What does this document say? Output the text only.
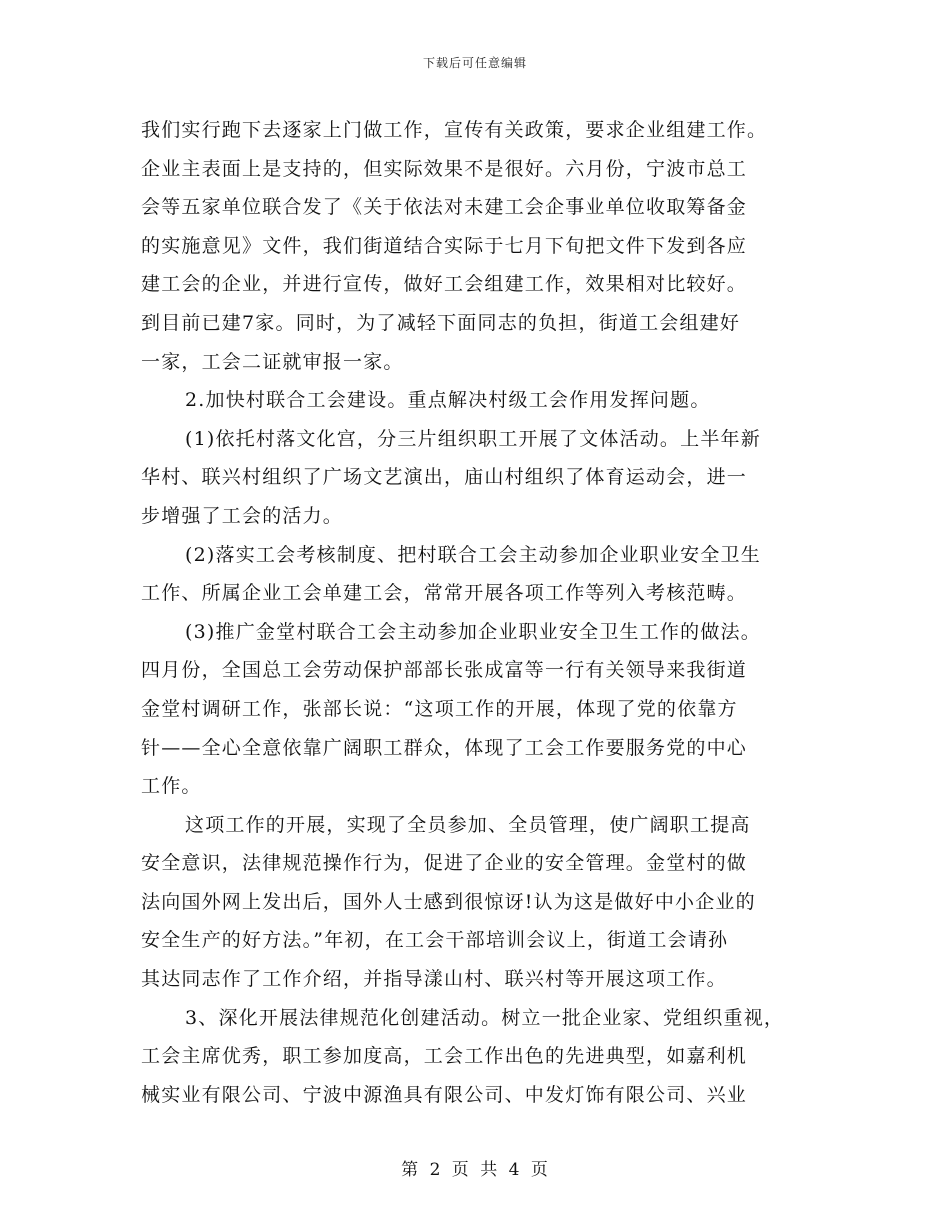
下载后可任意编辑
我们实行跑下去逐家上门做工作，宣传有关政策，要求企业组建工作。
企业主表面上是支持的，但实际效果不是很好。六月份，宁波市总工
会等五家单位联合发了《关于依法对未建工会企事业单位收取筹备金
的实施意见》文件，我们街道结合实际于七月下旬把文件下发到各应
建工会的企业，并进行宣传，做好工会组建工作，效果相对比较好。
到目前已建7家。同时，为了减轻下面同志的负担，街道工会组建好
一家，工会二证就审报一家。
2.加快村联合工会建设。重点解决村级工会作用发挥问题。
(1)依托村落文化宫，分三片组织职工开展了文体活动。上半年新
华村、联兴村组织了广场文艺演出，庙山村组织了体育运动会，进一
步增强了工会的活力。
(2)落实工会考核制度、把村联合工会主动参加企业职业安全卫生
工作、所属企业工会单建工会，常常开展各项工作等列入考核范畴。
(3)推广金堂村联合工会主动参加企业职业安全卫生工作的做法。
四月份，全国总工会劳动保护部部长张成富等一行有关领导来我街道
金堂村调研工作，张部长说：“这项工作的开展，体现了党的依靠方
针——全心全意依靠广阔职工群众，体现了工会工作要服务党的中心
工作。
这项工作的开展，实现了全员参加、全员管理，使广阔职工提高
安全意识，法律规范操作行为，促进了企业的安全管理。金堂村的做
法向国外网上发出后，国外人士感到很惊讶!认为这是做好中小企业的
安全生产的好方法。”年初，在工会干部培训会议上，街道工会请孙
其达同志作了工作介绍，并指导漾山村、联兴村等开展这项工作。
3、深化开展法律规范化创建活动。树立一批企业家、党组织重视，
工会主席优秀，职工参加度高，工会工作出色的先进典型，如嘉利机
械实业有限公司、宁波中源渔具有限公司、中发灯饰有限公司、兴业
第 2 页 共 4 页
